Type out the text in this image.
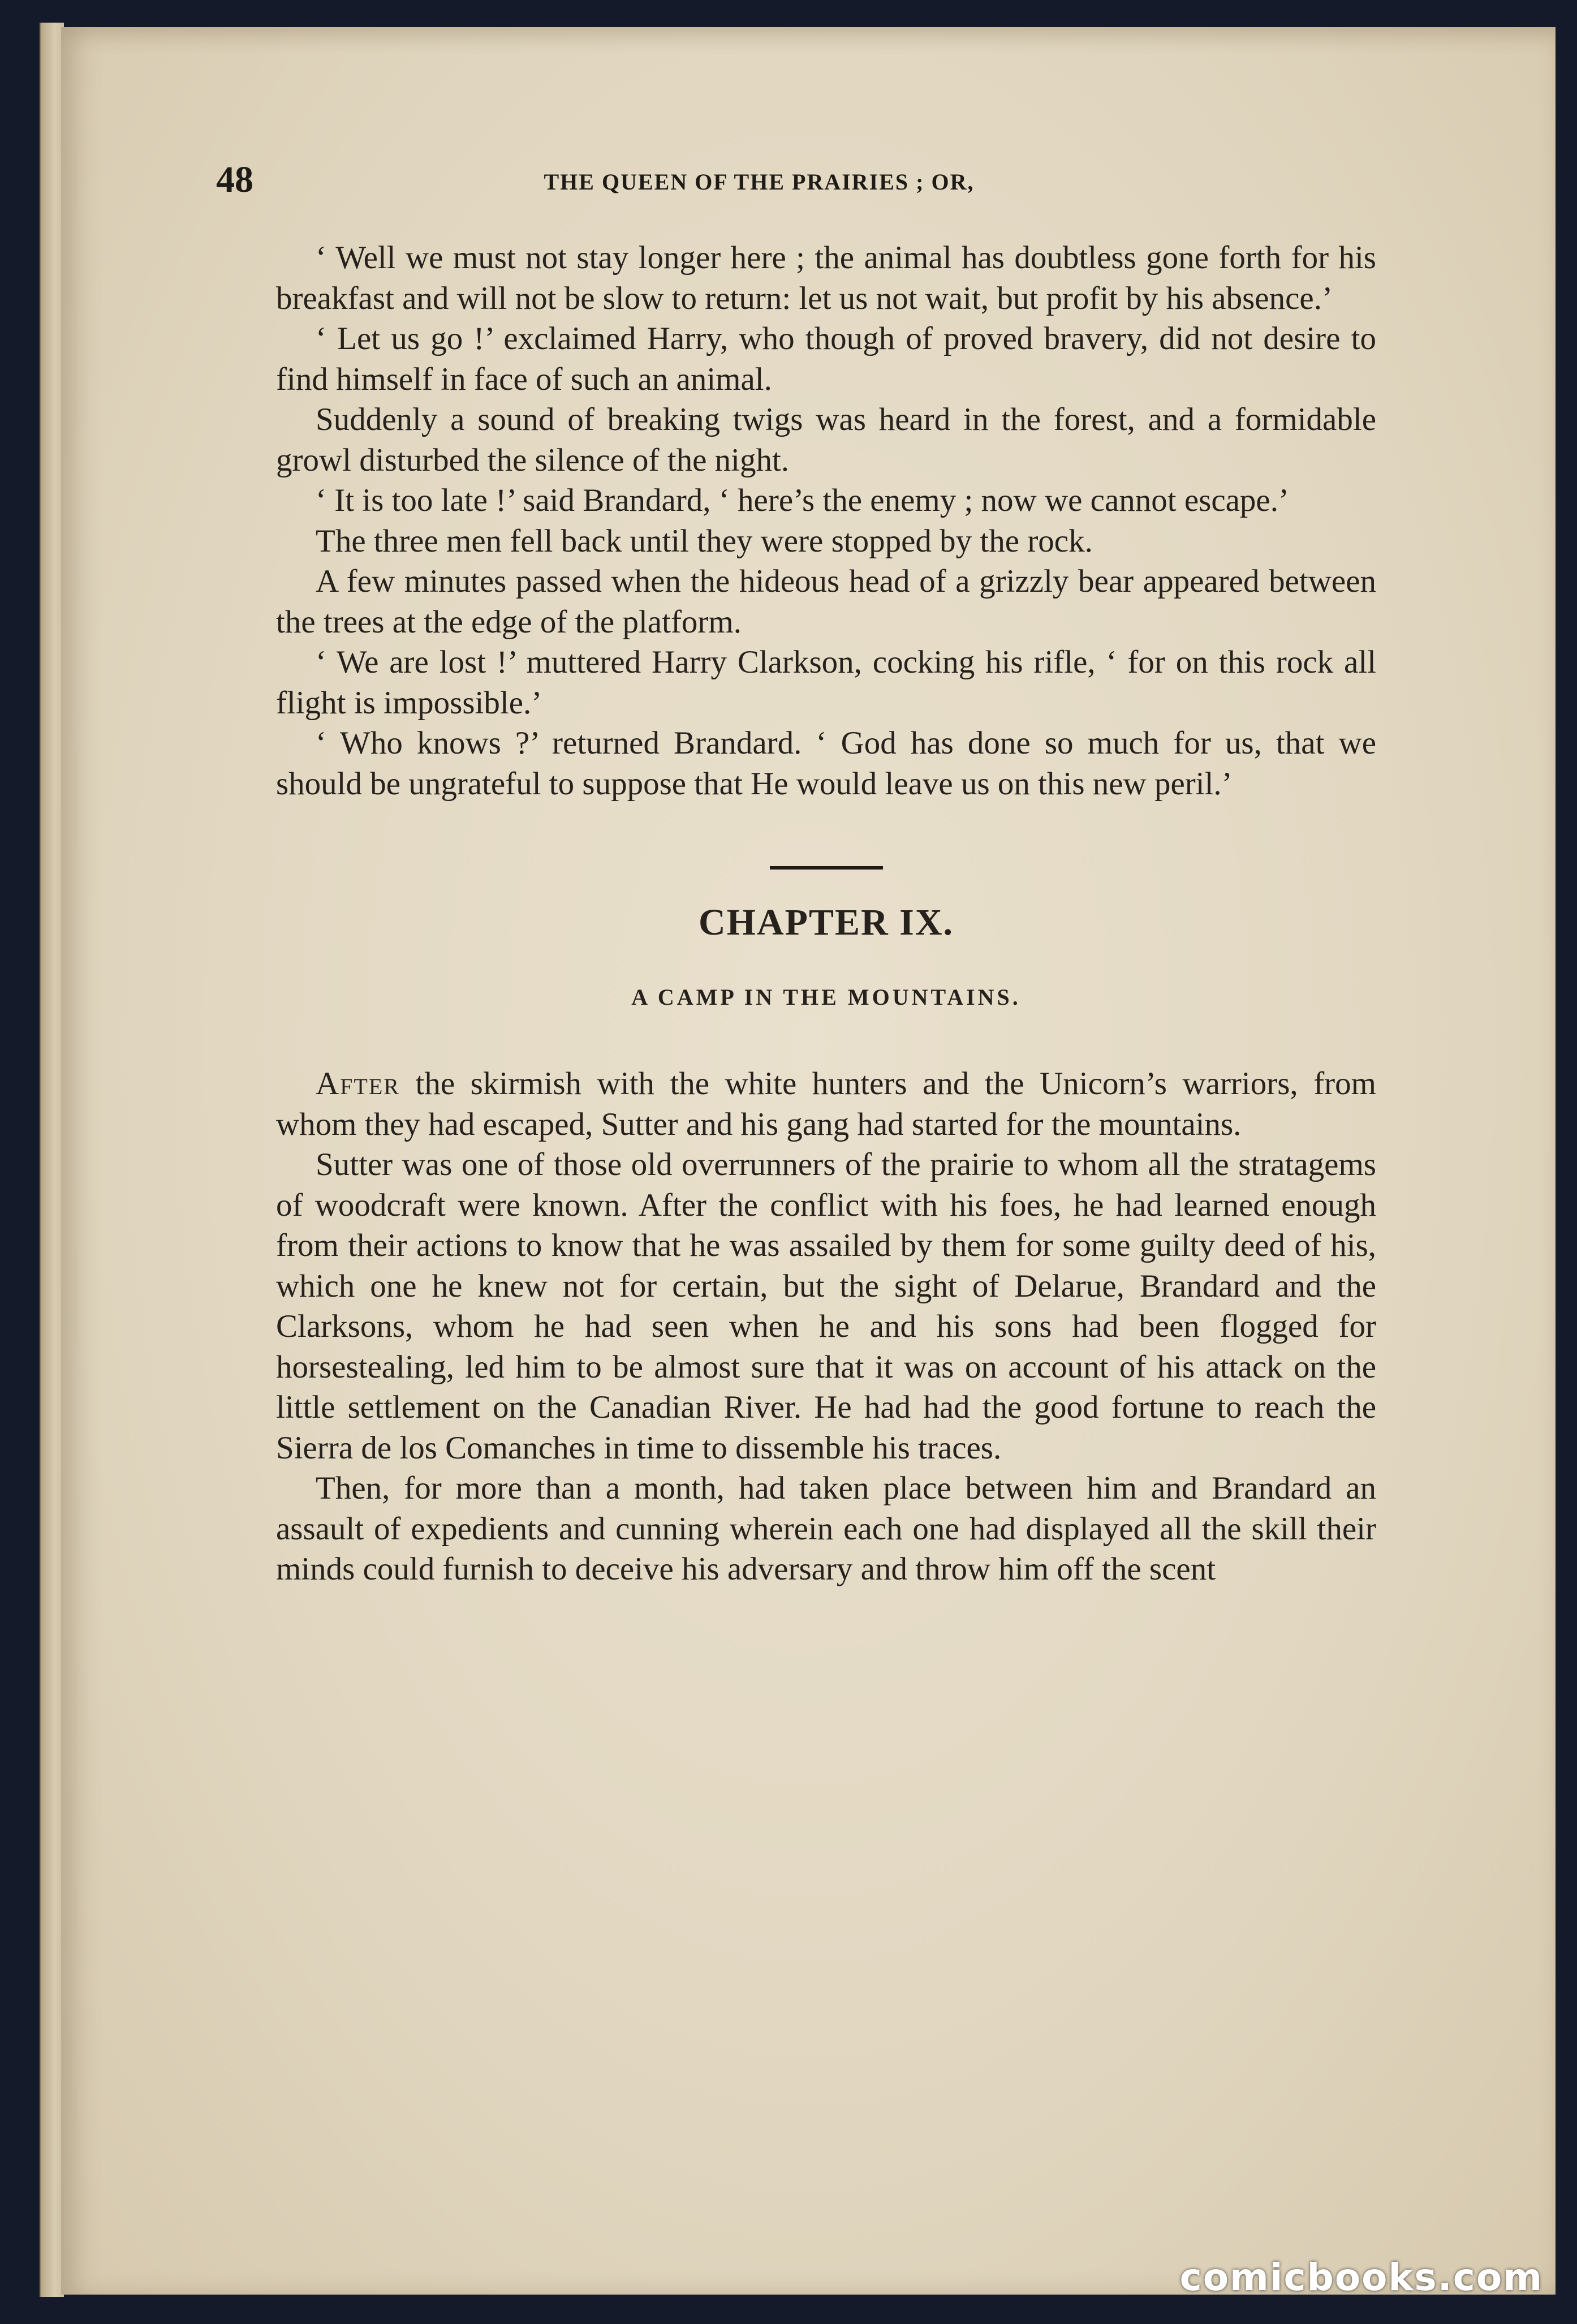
48	THE QUEEN OF THE PRAIRIES ; OR,

‘ Well we must not stay longer here ; the animal has doubtless gone forth for his breakfast and will not be slow to return: let us not wait, but profit by his absence.’

‘ Let us go !’ exclaimed Harry, who though of proved bravery, did not desire to find himself in face of such an animal.

Suddenly a sound of breaking twigs was heard in the forest, and a formidable growl disturbed the silence of the night.

‘ It is too late !’ said Brandard, ‘ here’s the enemy ; now we cannot escape.’

The three men fell back until they were stopped by the rock.

A few minutes passed when the hideous head of a grizzly bear appeared between the trees at the edge of the platform.

‘ We are lost !’ muttered Harry Clarkson, cocking his rifle, ‘ for on this rock all flight is impossible.’

‘ Who knows ?’ returned Brandard. ‘ God has done so much for us, that we should be ungrateful to suppose that He would leave us on this new peril.’

CHAPTER IX.

A CAMP IN THE MOUNTAINS.

After the skirmish with the white hunters and the Unicorn’s warriors, from whom they had escaped, Sutter and his gang had started for the mountains.

Sutter was one of those old overrunners of the prairie to whom all the stratagems of woodcraft were known. After the conflict with his foes, he had learned enough from their actions to know that he was assailed by them for some guilty deed of his, which one he knew not for certain, but the sight of Delarue, Brandard and the Clarksons, whom he had seen when he and his sons had been flogged for horsestealing, led him to be almost sure that it was on account of his attack on the little settlement on the Canadian River. He had had the good fortune to reach the Sierra de los Comanches in time to dissemble his traces.

Then, for more than a month, had taken place between him and Brandard an assault of expedients and cunning wherein each one had displayed all the skill their minds could furnish to deceive his adversary and throw him off the scent

comicbooks.com
